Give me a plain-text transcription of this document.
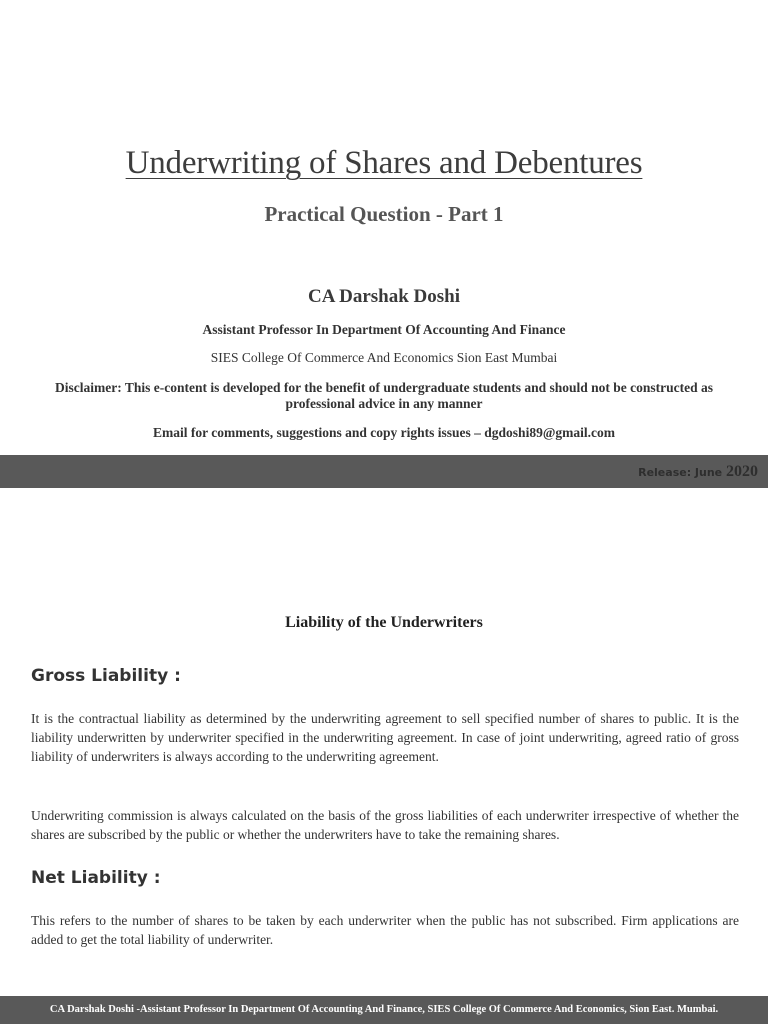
Underwriting of Shares and Debentures
Practical Question - Part 1
CA Darshak Doshi
Assistant Professor In Department Of Accounting And Finance
SIES College Of Commerce And Economics Sion East Mumbai
Disclaimer: This e-content is developed for the benefit of undergraduate students and should not be constructed as professional advice in any manner
Email for comments, suggestions and copy rights issues – dgdoshi89@gmail.com
Release: June 2020
Liability of the Underwriters
Gross Liability :
It is the contractual liability as determined by the underwriting agreement to sell specified number of shares to public. It is the liability underwritten by underwriter specified in the underwriting agreement. In case of joint underwriting, agreed ratio of gross liability of underwriters is always according to the underwriting agreement.
Underwriting commission is always calculated on the basis of the gross liabilities of each underwriter irrespective of whether the shares are subscribed by the public or whether the underwriters have to take the remaining shares.
Net Liability :
This refers to the number of shares to be taken by each underwriter when the public has not subscribed. Firm applications are added to get the total liability of underwriter.
CA Darshak Doshi -Assistant Professor In Department Of Accounting And Finance, SIES College Of Commerce And Economics, Sion East. Mumbai.
